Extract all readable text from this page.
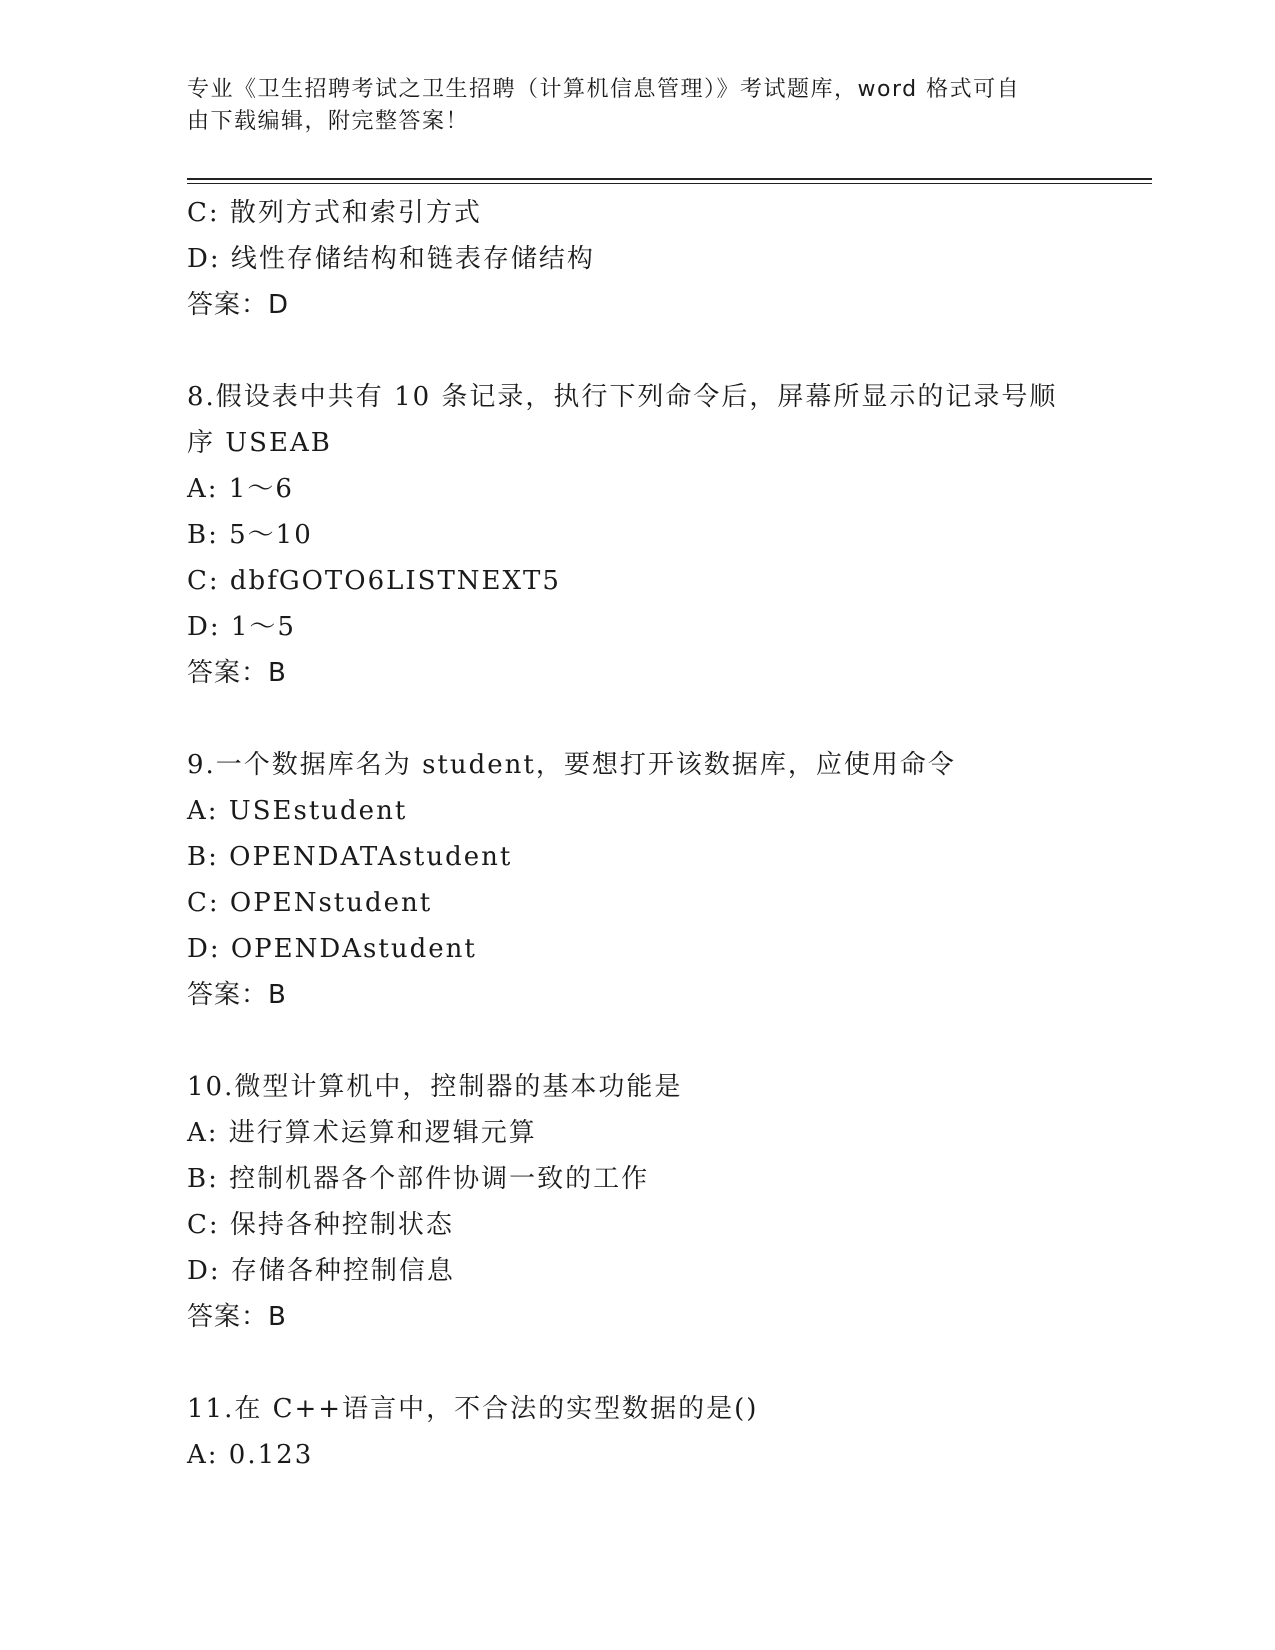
专业《卫生招聘考试之卫生招聘（计算机信息管理）》考试题库，word 格式可自
由下载编辑，附完整答案！
C: 散列方式和索引方式
D: 线性存储结构和链表存储结构
答案：D
8.假设表中共有 10 条记录，执行下列命令后，屏幕所显示的记录号顺
序 USEAB
A: 1～6
B: 5～10
C: dbfGOTO6LISTNEXT5
D: 1～5
答案：B
9.一个数据库名为 student，要想打开该数据库，应使用命令
A: USEstudent
B: OPENDATAstudent
C: OPENstudent
D: OPENDAstudent
答案：B
10.微型计算机中，控制器的基本功能是
A: 进行算术运算和逻辑元算
B: 控制机器各个部件协调一致的工作
C: 保持各种控制状态
D: 存储各种控制信息
答案：B
11.在 C++语言中，不合法的实型数据的是()
A: 0.123
